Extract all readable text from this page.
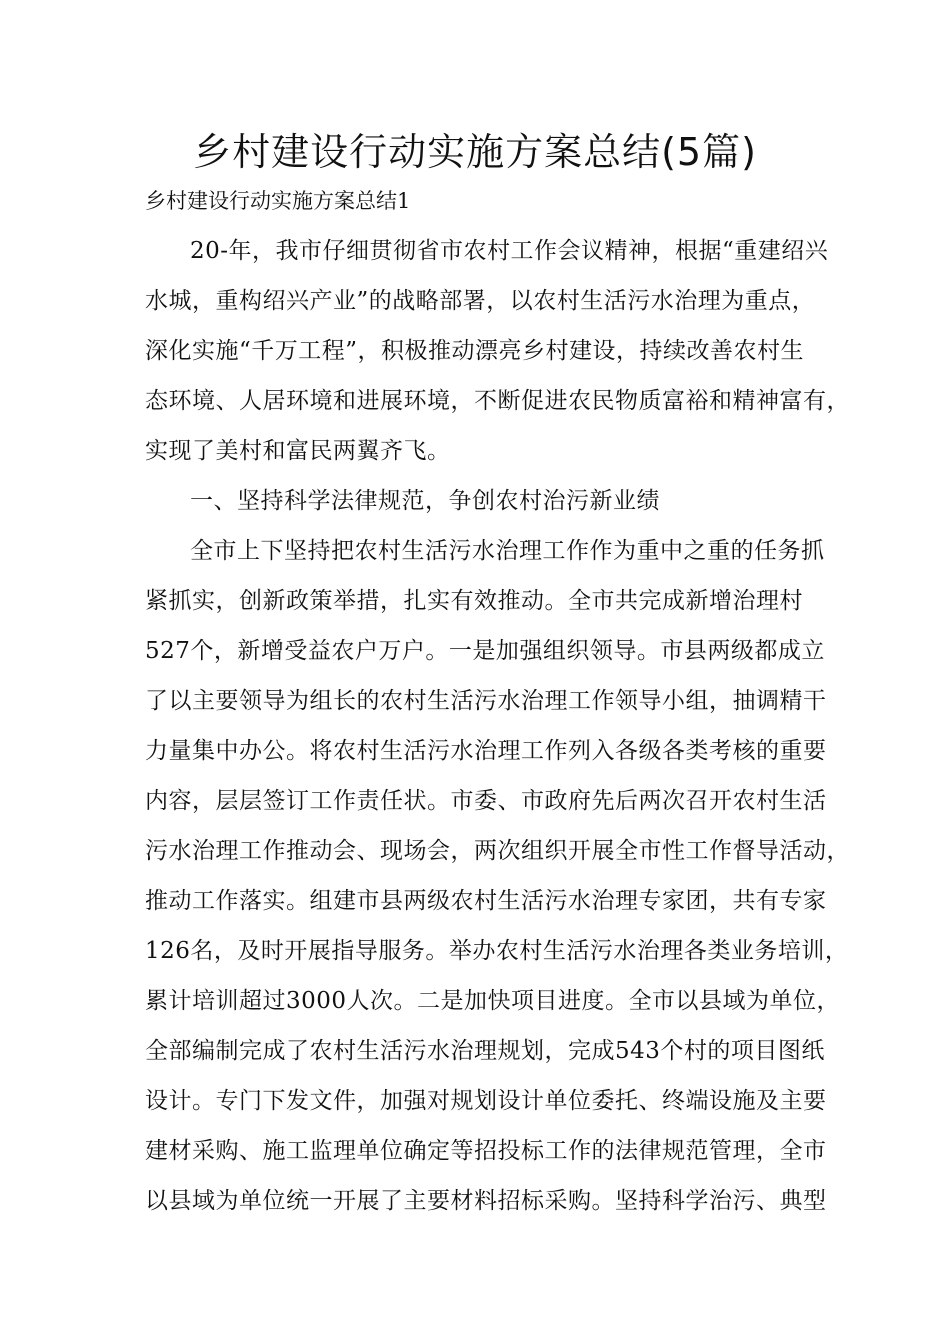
乡村建设行动实施方案总结(5篇)
乡村建设行动实施方案总结1
20-年，我市仔细贯彻省市农村工作会议精神，根据“重建绍兴
水城，重构绍兴产业”的战略部署，以农村生活污水治理为重点，
深化实施“千万工程”，积极推动漂亮乡村建设，持续改善农村生
态环境、人居环境和进展环境，不断促进农民物质富裕和精神富有，
实现了美村和富民两翼齐飞。
一、坚持科学法律规范，争创农村治污新业绩
全市上下坚持把农村生活污水治理工作作为重中之重的任务抓
紧抓实，创新政策举措，扎实有效推动。全市共完成新增治理村
527个，新增受益农户万户。一是加强组织领导。市县两级都成立
了以主要领导为组长的农村生活污水治理工作领导小组，抽调精干
力量集中办公。将农村生活污水治理工作列入各级各类考核的重要
内容，层层签订工作责任状。市委、市政府先后两次召开农村生活
污水治理工作推动会、现场会，两次组织开展全市性工作督导活动，
推动工作落实。组建市县两级农村生活污水治理专家团，共有专家
126名，及时开展指导服务。举办农村生活污水治理各类业务培训，
累计培训超过3000人次。二是加快项目进度。全市以县域为单位，
全部编制完成了农村生活污水治理规划，完成543个村的项目图纸
设计。专门下发文件，加强对规划设计单位委托、终端设施及主要
建材采购、施工监理单位确定等招投标工作的法律规范管理，全市
以县域为单位统一开展了主要材料招标采购。坚持科学治污、典型
